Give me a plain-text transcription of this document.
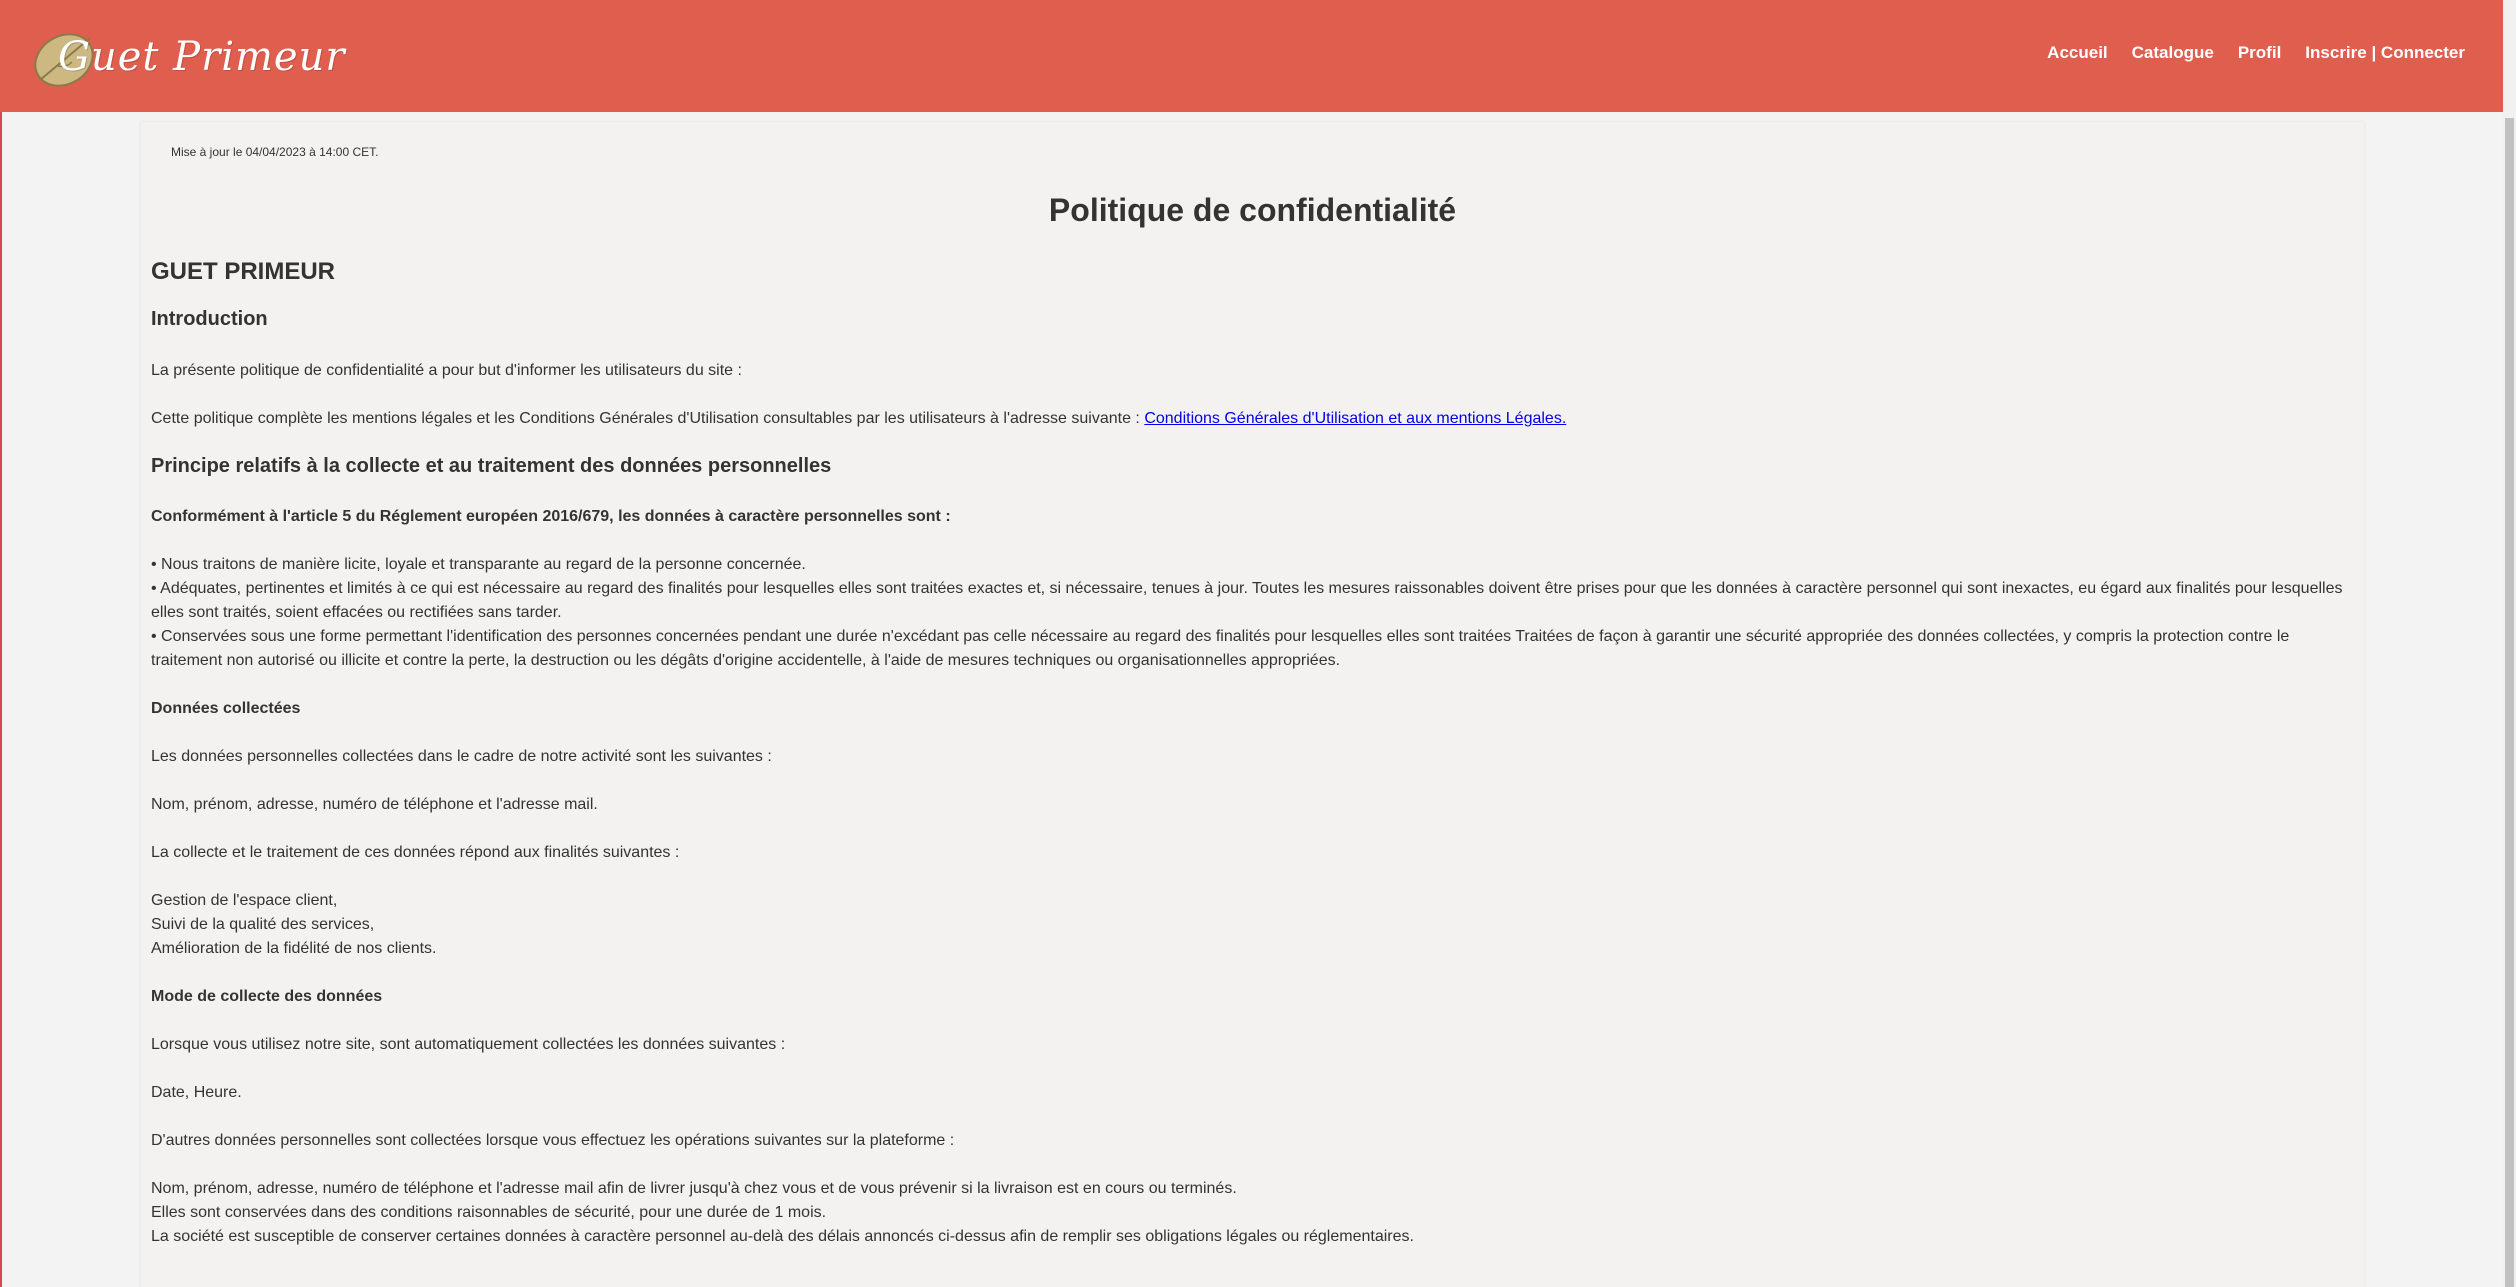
Guet Primeur	Accueil Catalogue Profil Inscrire | Connecter
Mise à jour le 04/04/2023 à 14:00 CET.
Politique de confidentialité
GUET PRIMEUR
Introduction
La présente politique de confidentialité a pour but d'informer les utilisateurs du site :
Cette politique complète les mentions légales et les Conditions Générales d'Utilisation consultables par les utilisateurs à l'adresse suivante : Conditions Générales d'Utilisation et aux mentions Légales.
Principe relatifs à la collecte et au traitement des données personnelles
Conformément à l'article 5 du Réglement européen 2016/679, les données à caractère personnelles sont :
• Nous traitons de manière licite, loyale et transparante au regard de la personne concernée.
• Adéquates, pertinentes et limités à ce qui est nécessaire au regard des finalités pour lesquelles elles sont traitées exactes et, si nécessaire, tenues à jour. Toutes les mesures raissonables doivent être prises pour que les données à caractère personnel qui sont inexactes, eu égard aux finalités pour lesquelles elles sont traités, soient effacées ou rectifiées sans tarder.
• Conservées sous une forme permettant l'identification des personnes concernées pendant une durée n'excédant pas celle nécessaire au regard des finalités pour lesquelles elles sont traitées Traitées de façon à garantir une sécurité appropriée des données collectées, y compris la protection contre le traitement non autorisé ou illicite et contre la perte, la destruction ou les dégâts d'origine accidentelle, à l'aide de mesures techniques ou organisationnelles appropriées.
Données collectées
Les données personnelles collectées dans le cadre de notre activité sont les suivantes :
Nom, prénom, adresse, numéro de téléphone et l'adresse mail.
La collecte et le traitement de ces données répond aux finalités suivantes :
Gestion de l'espace client,
Suivi de la qualité des services,
Amélioration de la fidélité de nos clients.
Mode de collecte des données
Lorsque vous utilisez notre site, sont automatiquement collectées les données suivantes :
Date, Heure.
D'autres données personnelles sont collectées lorsque vous effectuez les opérations suivantes sur la plateforme :
Nom, prénom, adresse, numéro de téléphone et l'adresse mail afin de livrer jusqu'à chez vous et de vous prévenir si la livraison est en cours ou terminés.
Elles sont conservées dans des conditions raisonnables de sécurité, pour une durée de 1 mois.
La société est susceptible de conserver certaines données à caractère personnel au-delà des délais annoncés ci-dessus afin de remplir ses obligations légales ou réglementaires.
